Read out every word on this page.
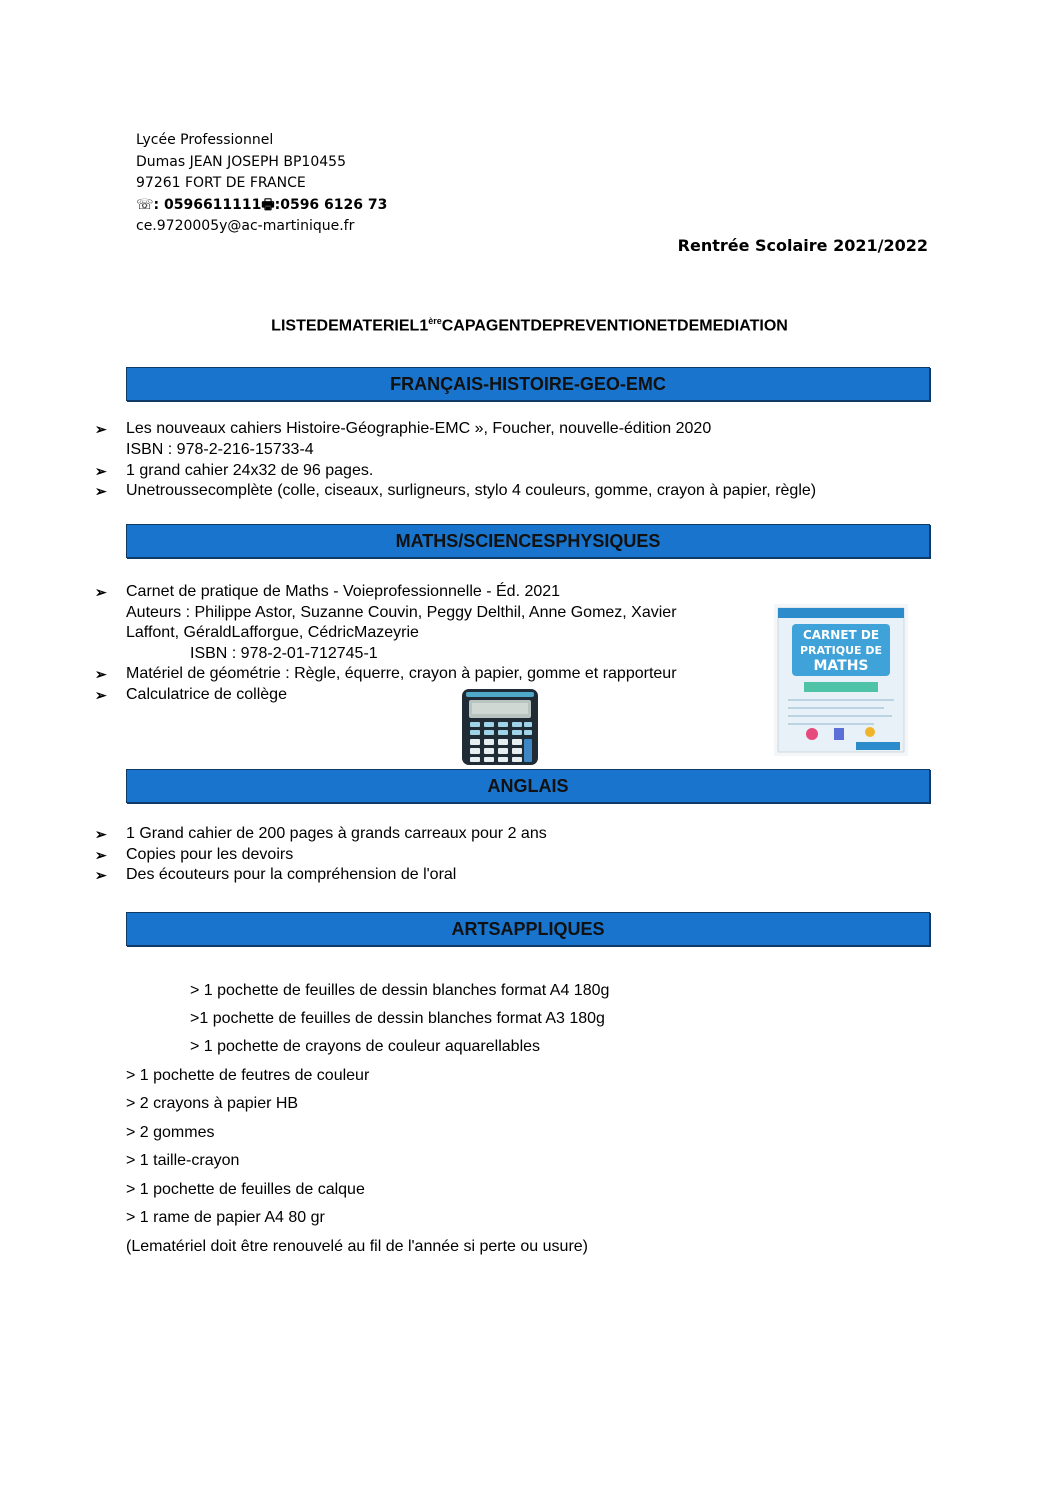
Lycée Professionnel
Dumas JEAN JOSEPH BP10455
97261 FORT DE FRANCE
☏: 0596611111🖶:0596 6126 73
ce.9720005y@ac-martinique.fr
Rentrée Scolaire 2021/2022
LISTEDEMATERIEL1èreCAPAGENTDEPREVENTIONETDEMEDIATION
FRANÇAIS-HISTOIRE-GEO-EMC
➢ Les nouveaux cahiers Histoire-Géographie-EMC », Foucher, nouvelle-édition 2020
ISBN : 978-2-216-15733-4
➢ 1 grand cahier 24x32 de 96 pages.
➢ Unetroussecomplète (colle, ciseaux, surligneurs, stylo 4 couleurs, gomme, crayon à papier, règle)
MATHS/SCIENCESPHYSIQUES
➢ Carnet de pratique de Maths - Voieprofessionnelle - Éd. 2021
Auteurs : Philippe Astor, Suzanne Couvin, Peggy Delthil, Anne Gomez, Xavier
Laffont, GéraldLafforgue, CédricMazeyrie
ISBN : 978-2-01-712745-1
➢ Matériel de géométrie : Règle, équerre, crayon à papier, gomme et rapporteur
➢ Calculatrice de collège
CARNET DE
PRATIQUE DE
MATHS
ANGLAIS
➢ 1 Grand cahier de 200 pages à grands carreaux pour 2 ans
➢ Copies pour les devoirs
➢ Des écouteurs pour la compréhension de l'oral
ARTSAPPLIQUES
> 1 pochette de feuilles de dessin blanches format A4 180g
>1 pochette de feuilles de dessin blanches format A3 180g
> 1 pochette de crayons de couleur aquarellables
> 1 pochette de feutres de couleur
> 2 crayons à papier HB
> 2 gommes
> 1 taille-crayon
> 1 pochette de feuilles de calque
> 1 rame de papier A4 80 gr
(Lematériel doit être renouvelé au fil de l'année si perte ou usure)
